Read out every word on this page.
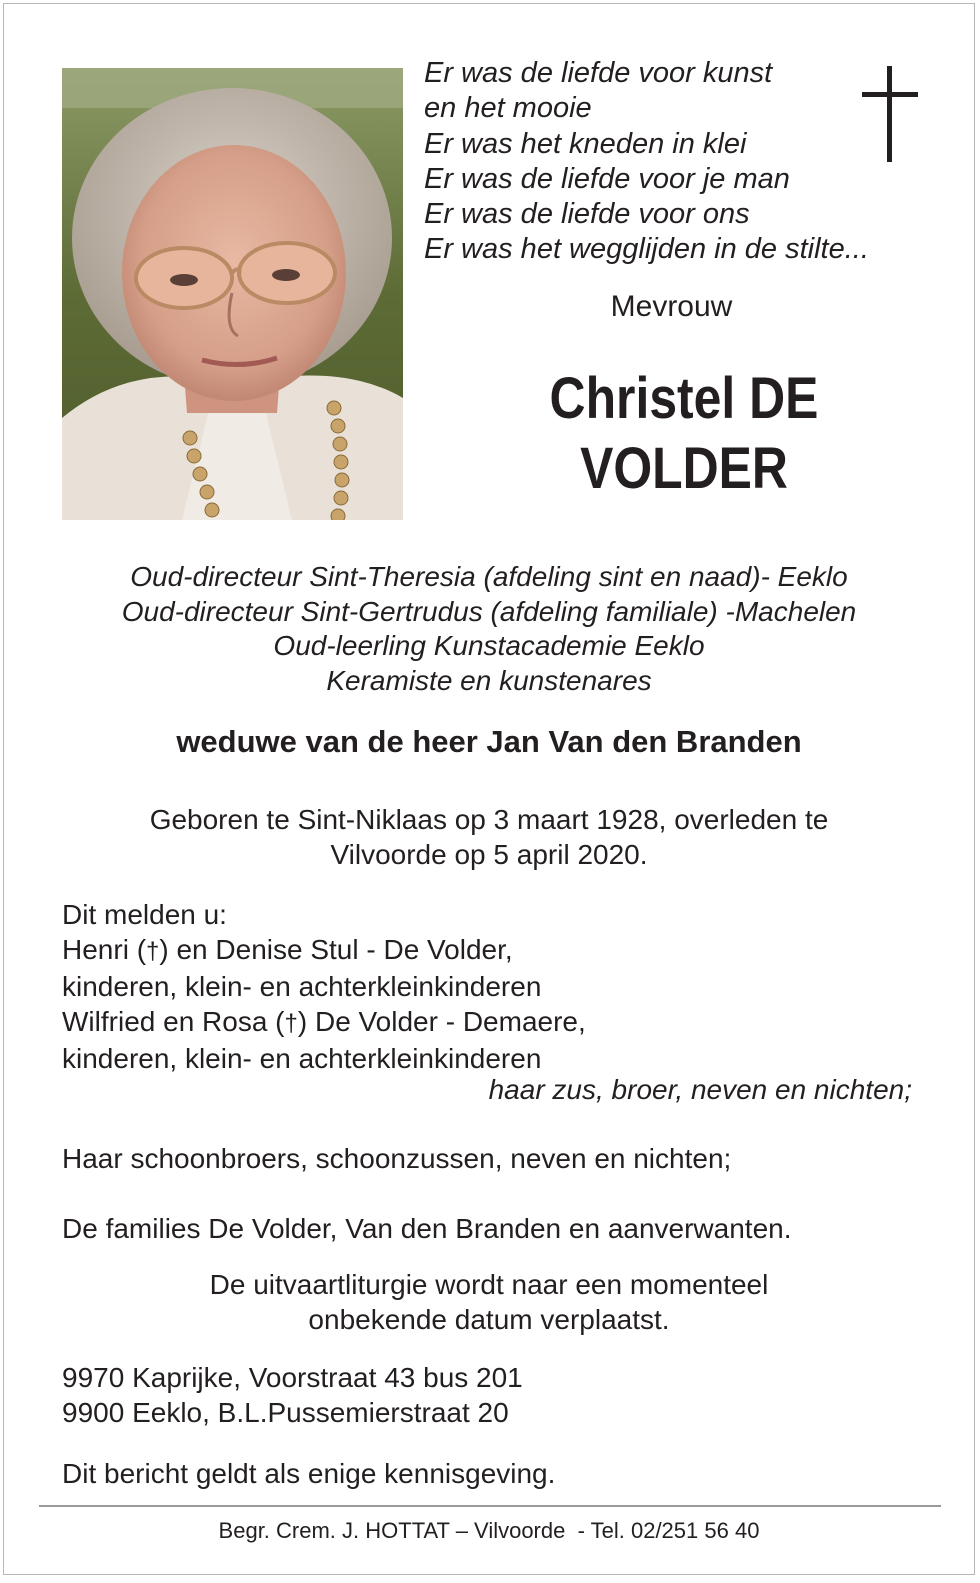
Er was de liefde voor kunst
en het mooie
Er was het kneden in klei
Er was de liefde voor je man
Er was de liefde voor ons
Er was het wegglijden in de stilte...
Mevrouw
Christel DE
VOLDER
Oud-directeur Sint-Theresia (afdeling sint en naad)- Eeklo
Oud-directeur Sint-Gertrudus (afdeling familiale) -Machelen
Oud-leerling Kunstacademie Eeklo
Keramiste en kunstenares
weduwe van de heer Jan Van den Branden
Geboren te Sint-Niklaas op 3 maart 1928, overleden te
Vilvoorde op 5 april 2020.
Dit melden u:
Henri (†) en Denise Stul - De Volder,
kinderen, klein- en achterkleinkinderen
Wilfried en Rosa (†) De Volder - Demaere,
kinderen, klein- en achterkleinkinderen
haar zus, broer, neven en nichten;
Haar schoonbroers, schoonzussen, neven en nichten;
De families De Volder, Van den Branden en aanverwanten.
De uitvaartliturgie wordt naar een momenteel
onbekende datum verplaatst.
9970 Kaprijke, Voorstraat 43 bus 201
9900 Eeklo, B.L.Pussemierstraat 20
Dit bericht geldt als enige kennisgeving.
Begr. Crem. J. HOTTAT – Vilvoorde  - Tel. 02/251 56 40
